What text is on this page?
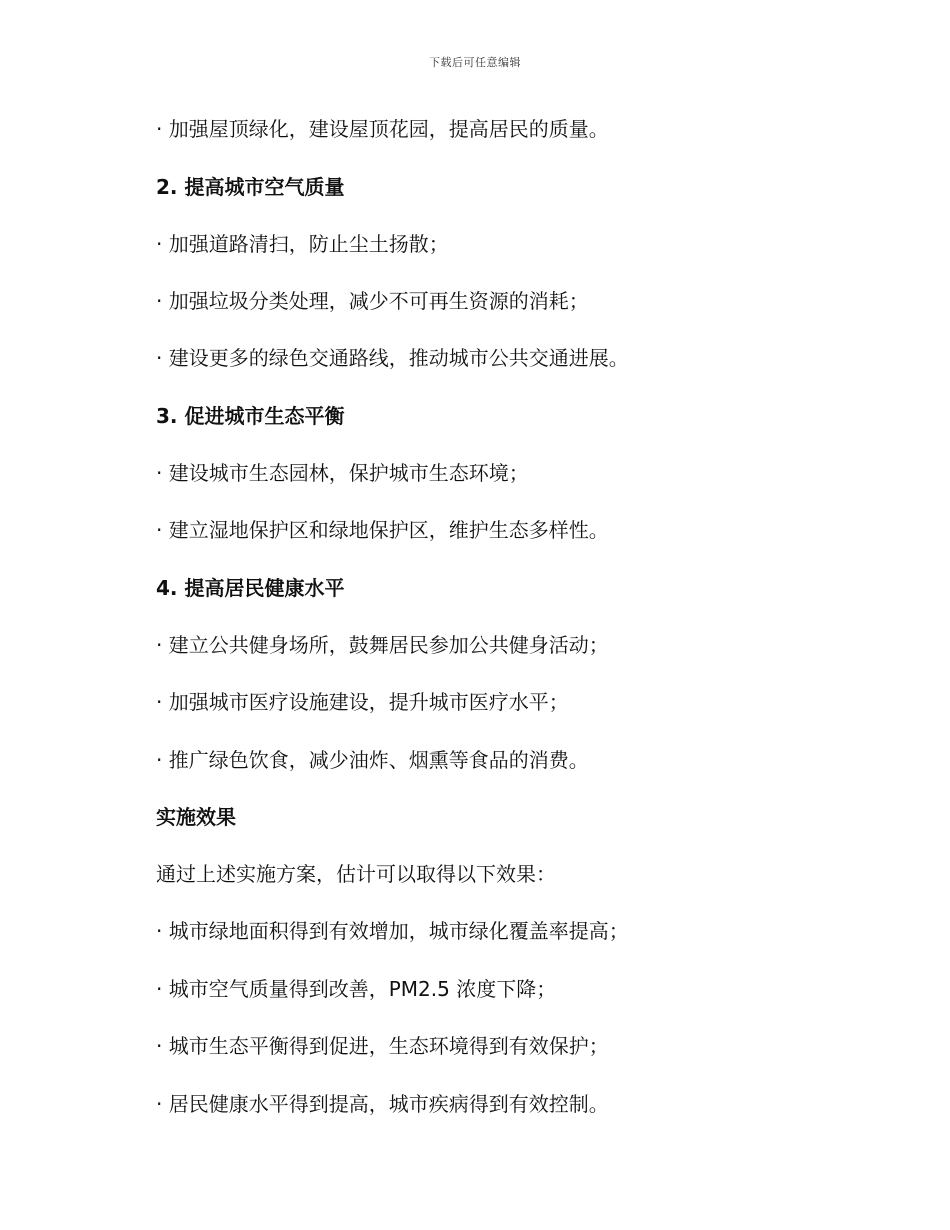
下载后可任意编辑
· 加强屋顶绿化，建设屋顶花园，提高居民的质量。
2. 提高城市空气质量
· 加强道路清扫，防止尘土扬散；
· 加强垃圾分类处理，减少不可再生资源的消耗；
· 建设更多的绿色交通路线，推动城市公共交通进展。
3. 促进城市生态平衡
· 建设城市生态园林，保护城市生态环境；
· 建立湿地保护区和绿地保护区，维护生态多样性。
4. 提高居民健康水平
· 建立公共健身场所，鼓舞居民参加公共健身活动；
· 加强城市医疗设施建设，提升城市医疗水平；
· 推广绿色饮食，减少油炸、烟熏等食品的消费。
实施效果
通过上述实施方案，估计可以取得以下效果：
· 城市绿地面积得到有效增加，城市绿化覆盖率提高；
· 城市空气质量得到改善，PM2.5 浓度下降；
· 城市生态平衡得到促进，生态环境得到有效保护；
· 居民健康水平得到提高，城市疾病得到有效控制。
